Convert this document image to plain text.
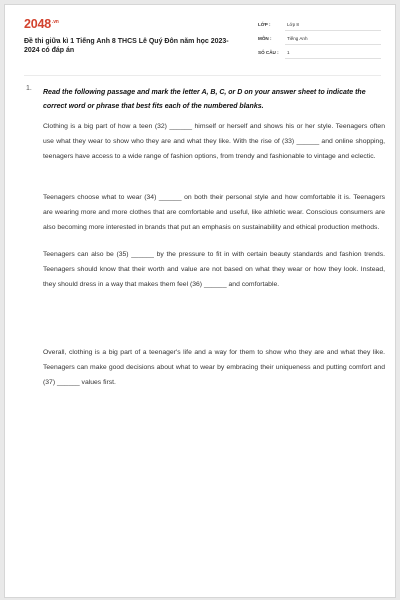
$2048^{.vn}$
Đề thi giữa kì 1 Tiếng Anh 8 THCS Lê Quý Đôn năm học 2023-2024 có đáp án
LỚP :	Lớp 8
MÔN :	Tiếng Anh
SỐ CÂU : 1
1.
Read the following passage and mark the letter A, B, C, or D on your answer sheet to indicate the correct word or phrase that best fits each of the numbered blanks.
Clothing is a big part of how a teen (32) ______ himself or herself and shows his or her style. Teenagers often use what they wear to show who they are and what they like. With the rise of (33) ______ and online shopping, teenagers have access to a wide range of fashion options, from trendy and fashionable to vintage and eclectic.
Teenagers choose what to wear (34) ______ on both their personal style and how comfortable it is. Teenagers are wearing more and more clothes that are comfortable and useful, like athletic wear. Conscious consumers are also becoming more interested in brands that put an emphasis on sustainability and ethical production methods.
Teenagers can also be (35) ______ by the pressure to fit in with certain beauty standards and fashion trends. Teenagers should know that their worth and value are not based on what they wear or how they look. Instead, they should dress in a way that makes them feel (36) ______ and comfortable.
Overall, clothing is a big part of a teenager's life and a way for them to show who they are and what they like. Teenagers can make good decisions about what to wear by embracing their uniqueness and putting comfort and (37) ______ values first.
